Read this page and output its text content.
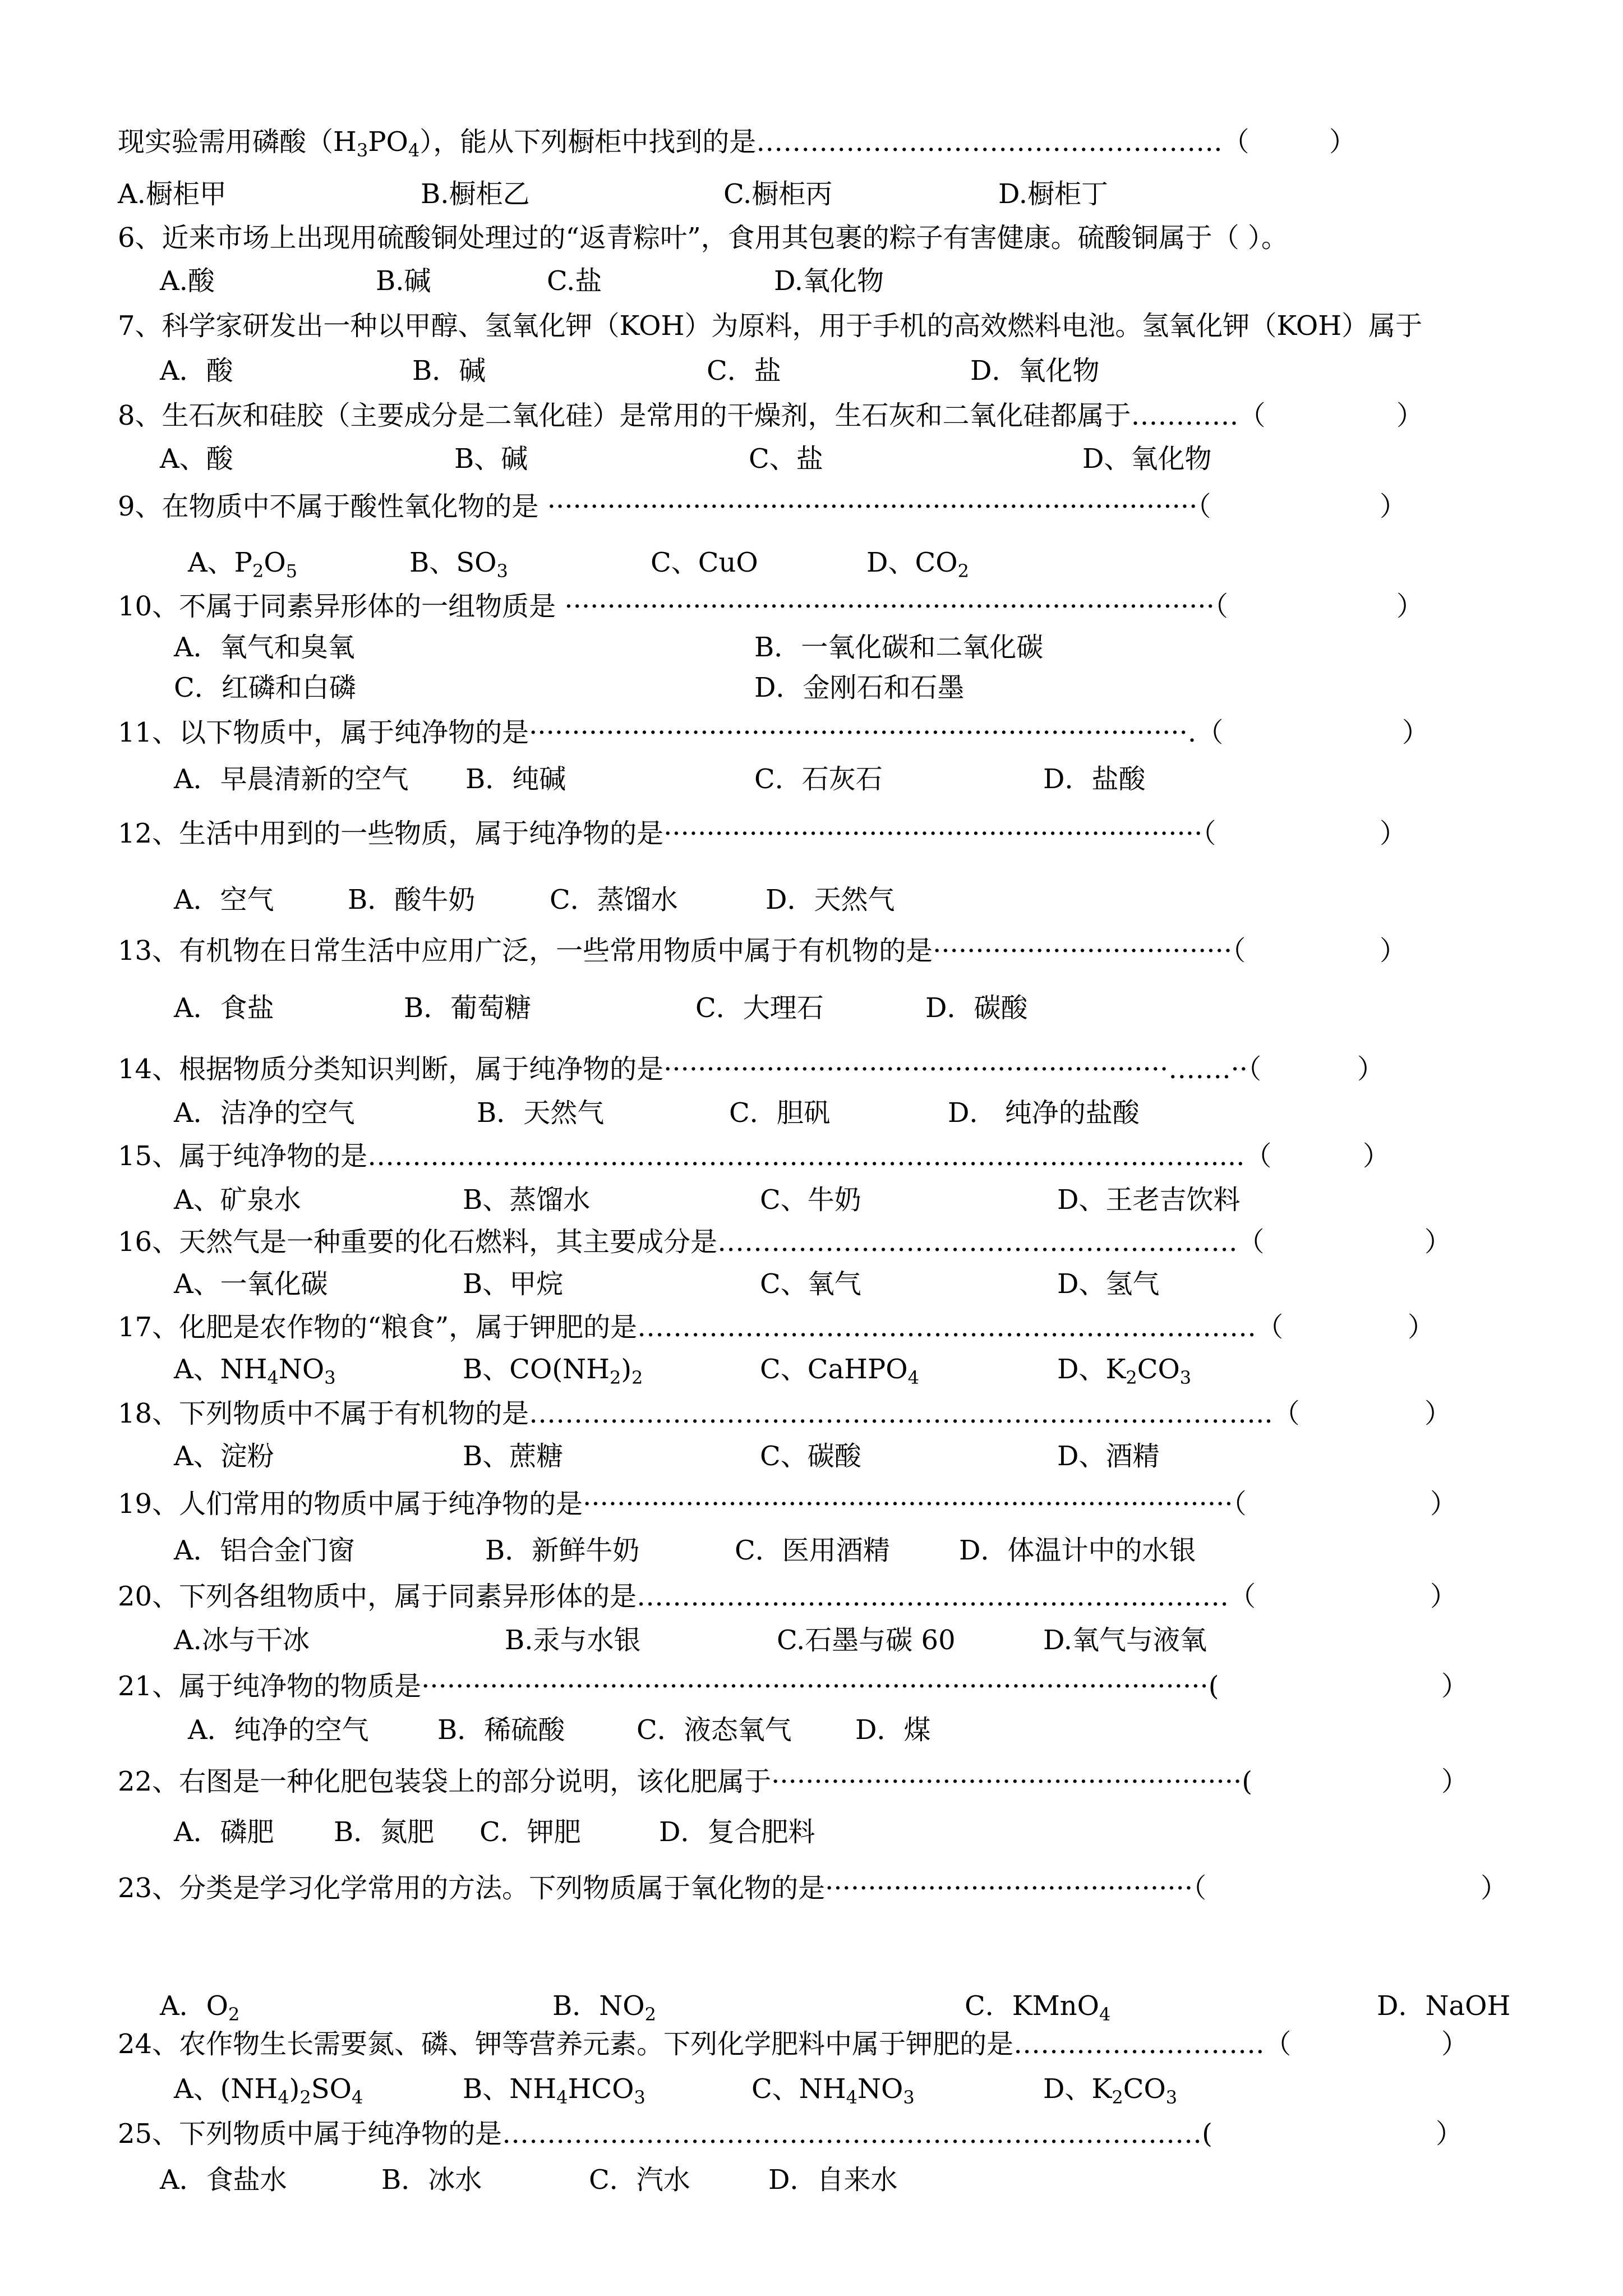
现实验需用磷酸$(H_3PO_4)$，能从下列橱柜中找到的是…………………………………………….（	）
A.橱柜甲	B.橱柜乙	C.橱柜丙	D.橱柜丁
6、近来市场上出现用硫酸铜处理过的“返青粽叶”，食用其包裹的粽子有害健康。硫酸铜属于（ ）。
A.酸	B.碱	C.盐	D.氧化物
7、科学家研发出一种以甲醇、氢氧化钾（KOH）为原料，用于手机的高效燃料电池。氢氧化钾（KOH）属于
A．酸	B．碱	C．盐	D．氧化物
8、生石灰和硅胶（主要成分是二氧化硅）是常用的干燥剂，生石灰和二氧化硅都属于…………（	）
A、酸	B、碱	C、盐	D、氧化物
9、在物质中不属于酸性氧化物的是 ············································································（	）
A、$P_2O_5$	B、$SO_3$	C、CuO	D、$CO_2$
10、不属于同素异形体的一组物质是 ············································································（	）
A．氧气和臭氧	B．一氧化碳和二氧化碳
C．红磷和白磷	D．金刚石和石墨
11、以下物质中，属于纯净物的是·············································································.（	）
A．早晨清新的空气 B．纯碱	C．石灰石	D．盐酸
12、生活中用到的一些物质，属于纯净物的是·······························································（	）
A．空气	B．酸牛奶	C．蒸馏水	D．天然气
13、有机物在日常生活中应用广泛，一些常用物质中属于有机物的是···································（	）
A．食盐	B．葡萄糖	C．大理石	D．碳酸
14、根据物质分类知识判断，属于纯净物的是···························································…….··（	）
A．洁净的空气	B．天然气	C．胆矾	D． 纯净的盐酸
15、属于纯净物的是………………………………………………………………………………….....（	）
A、矿泉水	B、蒸馏水	C、牛奶	D、王老吉饮料
16、天然气是一种重要的化石燃料，其主要成分是………………………………………………….（	）
A、一氧化碳	B、甲烷	C、氧气	D、氢气
17、化肥是农作物的“粮食”，属于钾肥的是……………………………………………………………（	）
A、$NH_4NO_3$	B、$CO(NH_2)_2$	C、CaHPO$_4$	D、$K_2CO_3$
18、下列物质中不属于有机物的是………………………………………………………………………..（	）
A、淀粉	B、蔗糖	C、碳酸	D、酒精
19、人们常用的物质中属于纯净物的是············································································（	）
A．铝合金门窗	B．新鲜牛奶	C．医用酒精	D．体温计中的水银
20、下列各组物质中，属于同素异形体的是…………………………………………………………（	）
A.冰与干冰	B.汞与水银	C.石墨与碳 60	D.氧气与液氧
21、属于纯净物的物质是····························································································(	）
A．纯净的空气	B．稀硫酸	C．液态氧气 D．煤
22、右图是一种化肥包装袋上的部分说明，该化肥属于·······················································(	）
A．磷肥 B．氮肥 C．钾肥	D．复合肥料
23、分类是学习化学常用的方法。下列物质属于氧化物的是···········································（	）
A．$O_2$	B．$NO_2$	C．KMnO$_4$	D．NaOH
24、农作物生长需要氮、磷、钾等营养元素。下列化学肥料中属于钾肥的是……………………….（	）
A、$(NH_4)_2SO_4$	B、$NH_4HCO_3$	C、$NH_4NO_3$	D、$K_2CO_3$
25、下列物质中属于纯净物的是……………………………………………………………………(	）
A．食盐水	B．冰水	C．汽水	D．自来水
